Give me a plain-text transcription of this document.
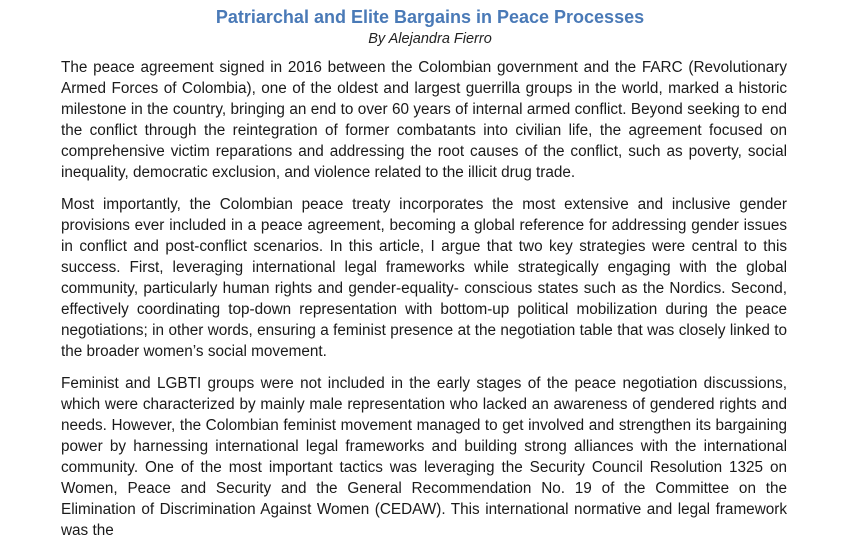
Patriarchal and Elite Bargains in Peace Processes
By Alejandra Fierro

The peace agreement signed in 2016 between the Colombian government and the FARC (Revolutionary Armed Forces of Colombia), one of the oldest and largest guerrilla groups in the world, marked a historic milestone in the country, bringing an end to over 60 years of internal armed conflict. Beyond seeking to end the conflict through the reintegration of former combatants into civilian life, the agreement focused on comprehensive victim reparations and addressing the root causes of the conflict, such as poverty, social inequality, democratic exclusion, and violence related to the illicit drug trade.

Most importantly, the Colombian peace treaty incorporates the most extensive and inclusive gender provisions ever included in a peace agreement, becoming a global reference for addressing gender issues in conflict and post-conflict scenarios. In this article, I argue that two key strategies were central to this success. First, leveraging international legal frameworks while strategically engaging with the global community, particularly human rights and gender-equality- conscious states such as the Nordics. Second, effectively coordinating top-down representation with bottom-up political mobilization during the peace negotiations; in other words, ensuring a feminist presence at the negotiation table that was closely linked to the broader women’s social movement.

Feminist and LGBTI groups were not included in the early stages of the peace negotiation discussions, which were characterized by mainly male representation who lacked an awareness of gendered rights and needs. However, the Colombian feminist movement managed to get involved and strengthen its bargaining power by harnessing international legal frameworks and building strong alliances with the international community. One of the most important tactics was leveraging the Security Council Resolution 1325 on Women, Peace and Security and the General Recommendation No. 19 of the Committee on the Elimination of Discrimination Against Women (CEDAW). This international normative and legal framework was the
